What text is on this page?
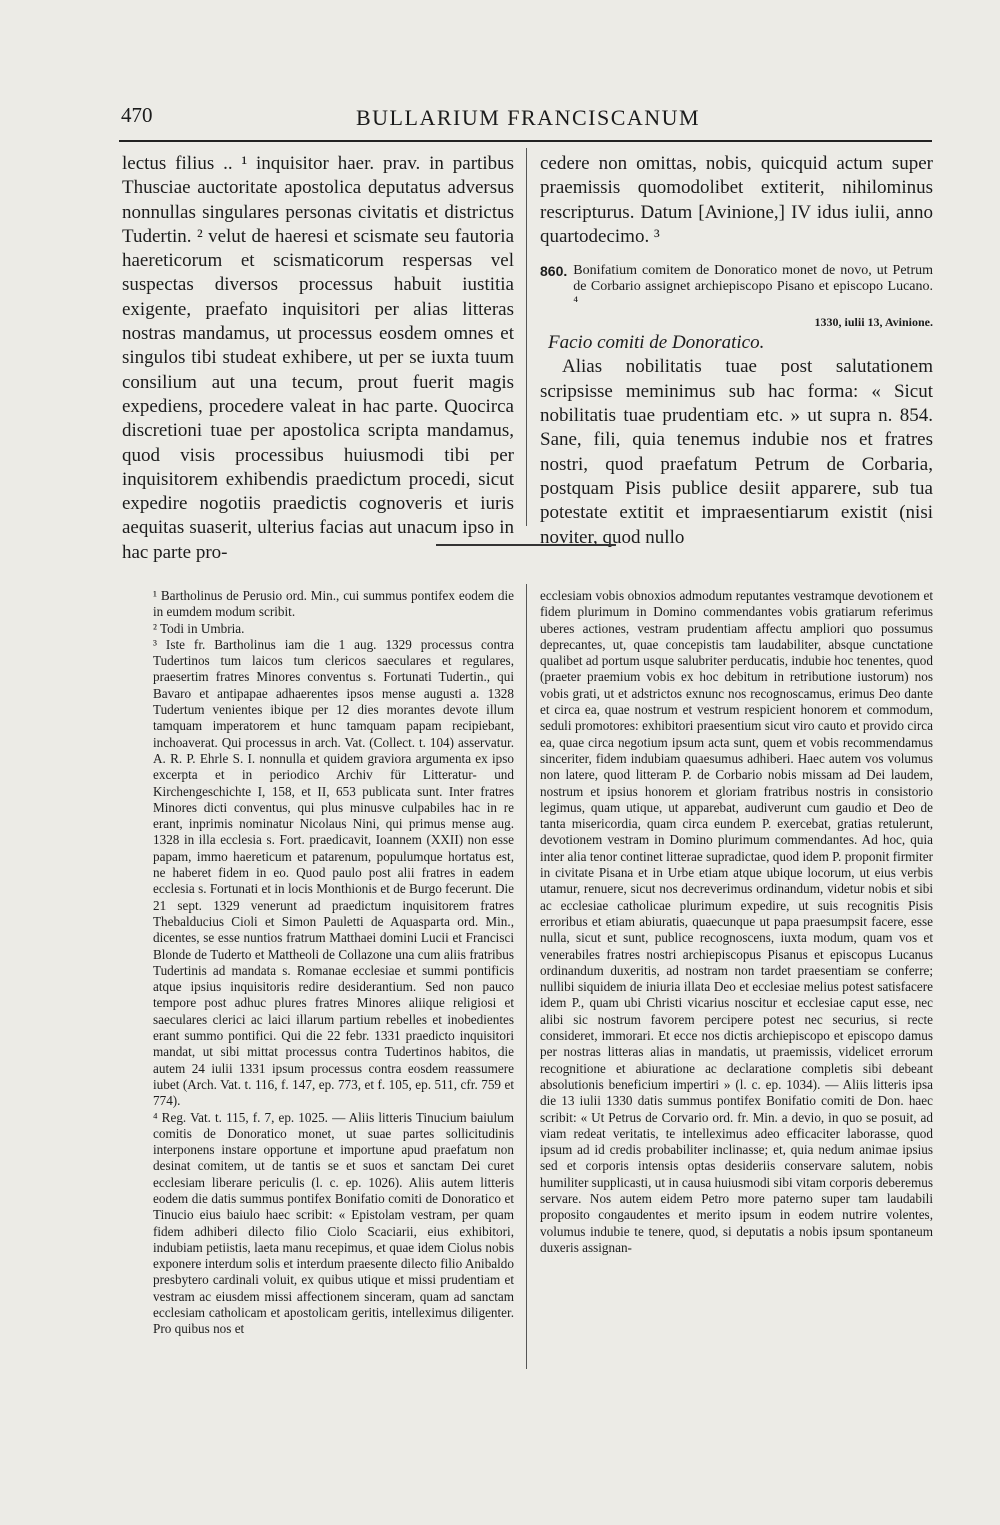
470	BULLARIUM FRANCISCANUM

lectus filius .. ¹ inquisitor haer. prav. in partibus Thusciae auctoritate apostolica deputatus adversus nonnullas singulares personas civitatis et districtus Tudertin. ² velut de haeresi et scismate seu fautoria haereticorum et scismaticorum respersas vel suspectas diversos processus habuit iustitia exigente, praefato inquisitori per alias litteras nostras mandamus, ut processus eosdem omnes et singulos tibi studeat exhibere, ut per se iuxta tuum consilium aut una tecum, prout fuerit magis expediens, procedere valeat in hac parte. Quocirca discretioni tuae per apostolica scripta mandamus, quod visis processibus huiusmodi tibi per inquisitorem exhibendis praedictum procedi, sicut expedire nogotiis praedictis cognoveris et iuris aequitas suaserit, ulterius facias aut unacum ipso in hac parte pro-

cedere non omittas, nobis, quicquid actum super praemissis quomodolibet extiterit, nihilominus rescripturus. Datum [Avinione,] IV idus iulii, anno quartodecimo. ³

860. Bonifatium comitem de Donoratico monet de novo, ut Petrum de Corbario assignet archiepiscopo Pisano et episcopo Lucano. ⁴
1330, iulii 13, Avinione.
Facio comiti de Donoratico.

Alias nobilitatis tuae post salutationem scripsisse meminimus sub hac forma: « Sicut nobilitatis tuae prudentiam etc. » ut supra n. 854. Sane, fili, quia tenemus indubie nos et fratres nostri, quod praefatum Petrum de Corbaria, postquam Pisis publice desiit apparere, sub tua potestate extitit et impraesentiarum existit (nisi noviter, quod nullo

¹ Bartholinus de Perusio ord. Min., cui summus pontifex eodem die in eumdem modum scribit.

² Todi in Umbria.

³ Iste fr. Bartholinus iam die 1 aug. 1329 processus contra Tudertinos tum laicos tum clericos saeculares et regulares, praesertim fratres Minores conventus s. Fortunati Tudertin., qui Bavaro et antipapae adhaerentes ipsos mense augusti a. 1328 Tudertum venientes ibique per 12 dies morantes devote illum tamquam imperatorem et hunc tamquam papam recipiebant, inchoaverat. Qui processus in arch. Vat. (Collect. t. 104) asservatur. A. R. P. Ehrle S. I. nonnulla et quidem graviora argumenta ex ipso excerpta et in periodico Archiv für Litteratur- und Kirchengeschichte I, 158, et II, 653 publicata sunt. Inter fratres Minores dicti conventus, qui plus minusve culpabiles hac in re erant, inprimis nominatur Nicolaus Nini, qui primus mense aug. 1328 in illa ecclesia s. Fort. praedicavit, Ioannem (XXII) non esse papam, immo haereticum et patarenum, populumque hortatus est, ne haberet fidem in eo. Quod paulo post alii fratres in eadem ecclesia s. Fortunati et in locis Monthionis et de Burgo fecerunt. Die 21 sept. 1329 venerunt ad praedictum inquisitorem fratres Thebalducius Cioli et Simon Pauletti de Aquasparta ord. Min., dicentes, se esse nuntios fratrum Matthaei domini Lucii et Francisci Blonde de Tuderto et Mattheoli de Collazone una cum aliis fratribus Tudertinis ad mandata s. Romanae ecclesiae et summi pontificis atque ipsius inquisitoris redire desiderantium. Sed non pauco tempore post adhuc plures fratres Minores aliique religiosi et saeculares clerici ac laici illarum partium rebelles et inobedientes erant summo pontifici. Qui die 22 febr. 1331 praedicto inquisitori mandat, ut sibi mittat processus contra Tudertinos habitos, die autem 24 iulii 1331 ipsum processus contra eosdem reassumere iubet (Arch. Vat. t. 116, f. 147, ep. 773, et f. 105, ep. 511, cfr. 759 et 774).

⁴ Reg. Vat. t. 115, f. 7, ep. 1025. — Aliis litteris Tinucium baiulum comitis de Donoratico monet, ut suae partes sollicitudinis interponens instare opportune et importune apud praefatum non desinat comitem, ut de tantis se et suos et sanctam Dei curet ecclesiam liberare periculis (l. c. ep. 1026). Aliis autem litteris eodem die datis summus pontifex Bonifatio comiti de Donoratico et Tinucio eius baiulo haec scribit: « Epistolam vestram, per quam fidem adhiberi dilecto filio Ciolo Scaciarii, eius exhibitori, indubiam petiistis, laeta manu recepimus, et quae idem Ciolus nobis exponere interdum solis et interdum praesente dilecto filio Anibaldo presbytero cardinali voluit, ex quibus utique et missi prudentiam et vestram ac eiusdem missi affectionem sinceram, quam ad sanctam ecclesiam catholicam et apostolicam geritis, intelleximus diligenter. Pro quibus nos et

ecclesiam vobis obnoxios admodum reputantes vestramque devotionem et fidem plurimum in Domino commendantes vobis gratiarum referimus uberes actiones, vestram prudentiam affectu ampliori quo possumus deprecantes, ut, quae concepistis tam laudabiliter, absque cunctatione qualibet ad portum usque salubriter perducatis, indubie hoc tenentes, quod (praeter praemium vobis ex hoc debitum in retributione iustorum) nos vobis grati, ut et adstrictos exnunc nos recognoscamus, erimus Deo dante et circa ea, quae nostrum et vestrum respicient honorem et commodum, seduli promotores: exhibitori praesentium sicut viro cauto et provido circa ea, quae circa negotium ipsum acta sunt, quem et vobis recommendamus sinceriter, fidem indubiam quaesumus adhiberi. Haec autem vos volumus non latere, quod litteram P. de Corbario nobis missam ad Dei laudem, nostrum et ipsius honorem et gloriam fratribus nostris in consistorio legimus, quam utique, ut apparebat, audiverunt cum gaudio et Deo de tanta misericordia, quam circa eundem P. exercebat, gratias retulerunt, devotionem vestram in Domino plurimum commendantes. Ad hoc, quia inter alia tenor continet litterae supradictae, quod idem P. proponit firmiter in civitate Pisana et in Urbe etiam atque ubique locorum, ut eius verbis utamur, renuere, sicut nos decreverimus ordinandum, videtur nobis et sibi ac ecclesiae catholicae plurimum expedire, ut suis recognitis Pisis erroribus et etiam abiuratis, quaecunque ut papa praesumpsit facere, esse nulla, sicut et sunt, publice recognoscens, iuxta modum, quam vos et venerabiles fratres nostri archiepiscopus Pisanus et episcopus Lucanus ordinandum duxeritis, ad nostram non tardet praesentiam se conferre; nullibi siquidem de iniuria illata Deo et ecclesiae melius potest satisfacere idem P., quam ubi Christi vicarius noscitur et ecclesiae caput esse, nec alibi sic nostrum favorem percipere potest nec securius, si recte consideret, immorari. Et ecce nos dictis archiepiscopo et episcopo damus per nostras litteras alias in mandatis, ut praemissis, videlicet errorum recognitione et abiuratione ac declaratione completis sibi debeant absolutionis beneficium impertiri » (l. c. ep. 1034). — Aliis litteris ipsa die 13 iulii 1330 datis summus pontifex Bonifatio comiti de Don. haec scribit: « Ut Petrus de Corvario ord. fr. Min. a devio, in quo se posuit, ad viam redeat veritatis, te intelleximus adeo efficaciter laborasse, quod ipsum ad id credis probabiliter inclinasse; et, quia nedum animae ipsius sed et corporis intensis optas desideriis conservare salutem, nobis humiliter supplicasti, ut in causa huiusmodi sibi vitam corporis deberemus servare. Nos autem eidem Petro more paterno super tam laudabili proposito congaudentes et merito ipsum in eodem nutrire volentes, volumus indubie te tenere, quod, si deputatis a nobis ipsum spontaneum duxeris assignan-
